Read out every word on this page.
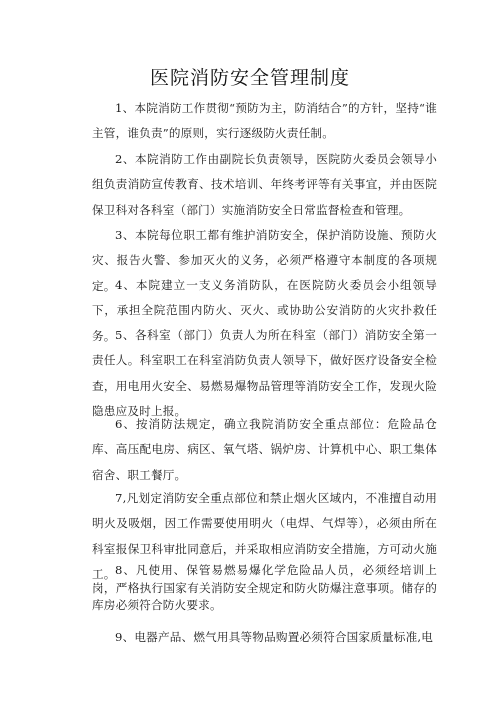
医院消防安全管理制度

1、本院消防工作贯彻“预防为主，防消结合”的方针，坚持“谁主管，谁负责”的原则，实行逐级防火责任制。

2、本院消防工作由副院长负责领导，医院防火委员会领导小组负责消防宣传教育、技术培训、年终考评等有关事宜，并由医院保卫科对各科室（部门）实施消防安全日常监督检查和管理。

3、本院每位职工都有维护消防安全，保护消防设施、预防火灾、报告火警、参加灭火的义务，必须严格遵守本制度的各项规定。 4、本院建立一支义务消防队，在医院防火委员会小组领导下，承担全院范围内防火、灭火、或协助公安消防的火灾扑救任务。 5、各科室（部门）负责人为所在科室（部门）消防安全第一责任人。科室职工在科室消防负责人领导下，做好医疗设备安全检查，用电用火安全、易燃易爆物品管理等消防安全工作，发现火险隐患应及时上报。

6、按消防法规定，确立我院消防安全重点部位：危险品仓库、高压配电房、病区、氧气塔、锅炉房、计算机中心、职工集体宿舍、职工餐厅。

7,凡划定消防安全重点部位和禁止烟火区域内，不准擅自动用明火及吸烟，因工作需要使用明火（电焊、气焊等），必须由所在科室报保卫科审批同意后，并采取相应消防安全措施，方可动火施工。 8、凡使用、保管易燃易爆化学危险品人员，必须经培训上岗，严格执行国家有关消防安全规定和防火防爆注意事项。储存的库房必须符合防火要求。

9、电器产品、燃气用具等物品购置必须符合国家质量标准,电
